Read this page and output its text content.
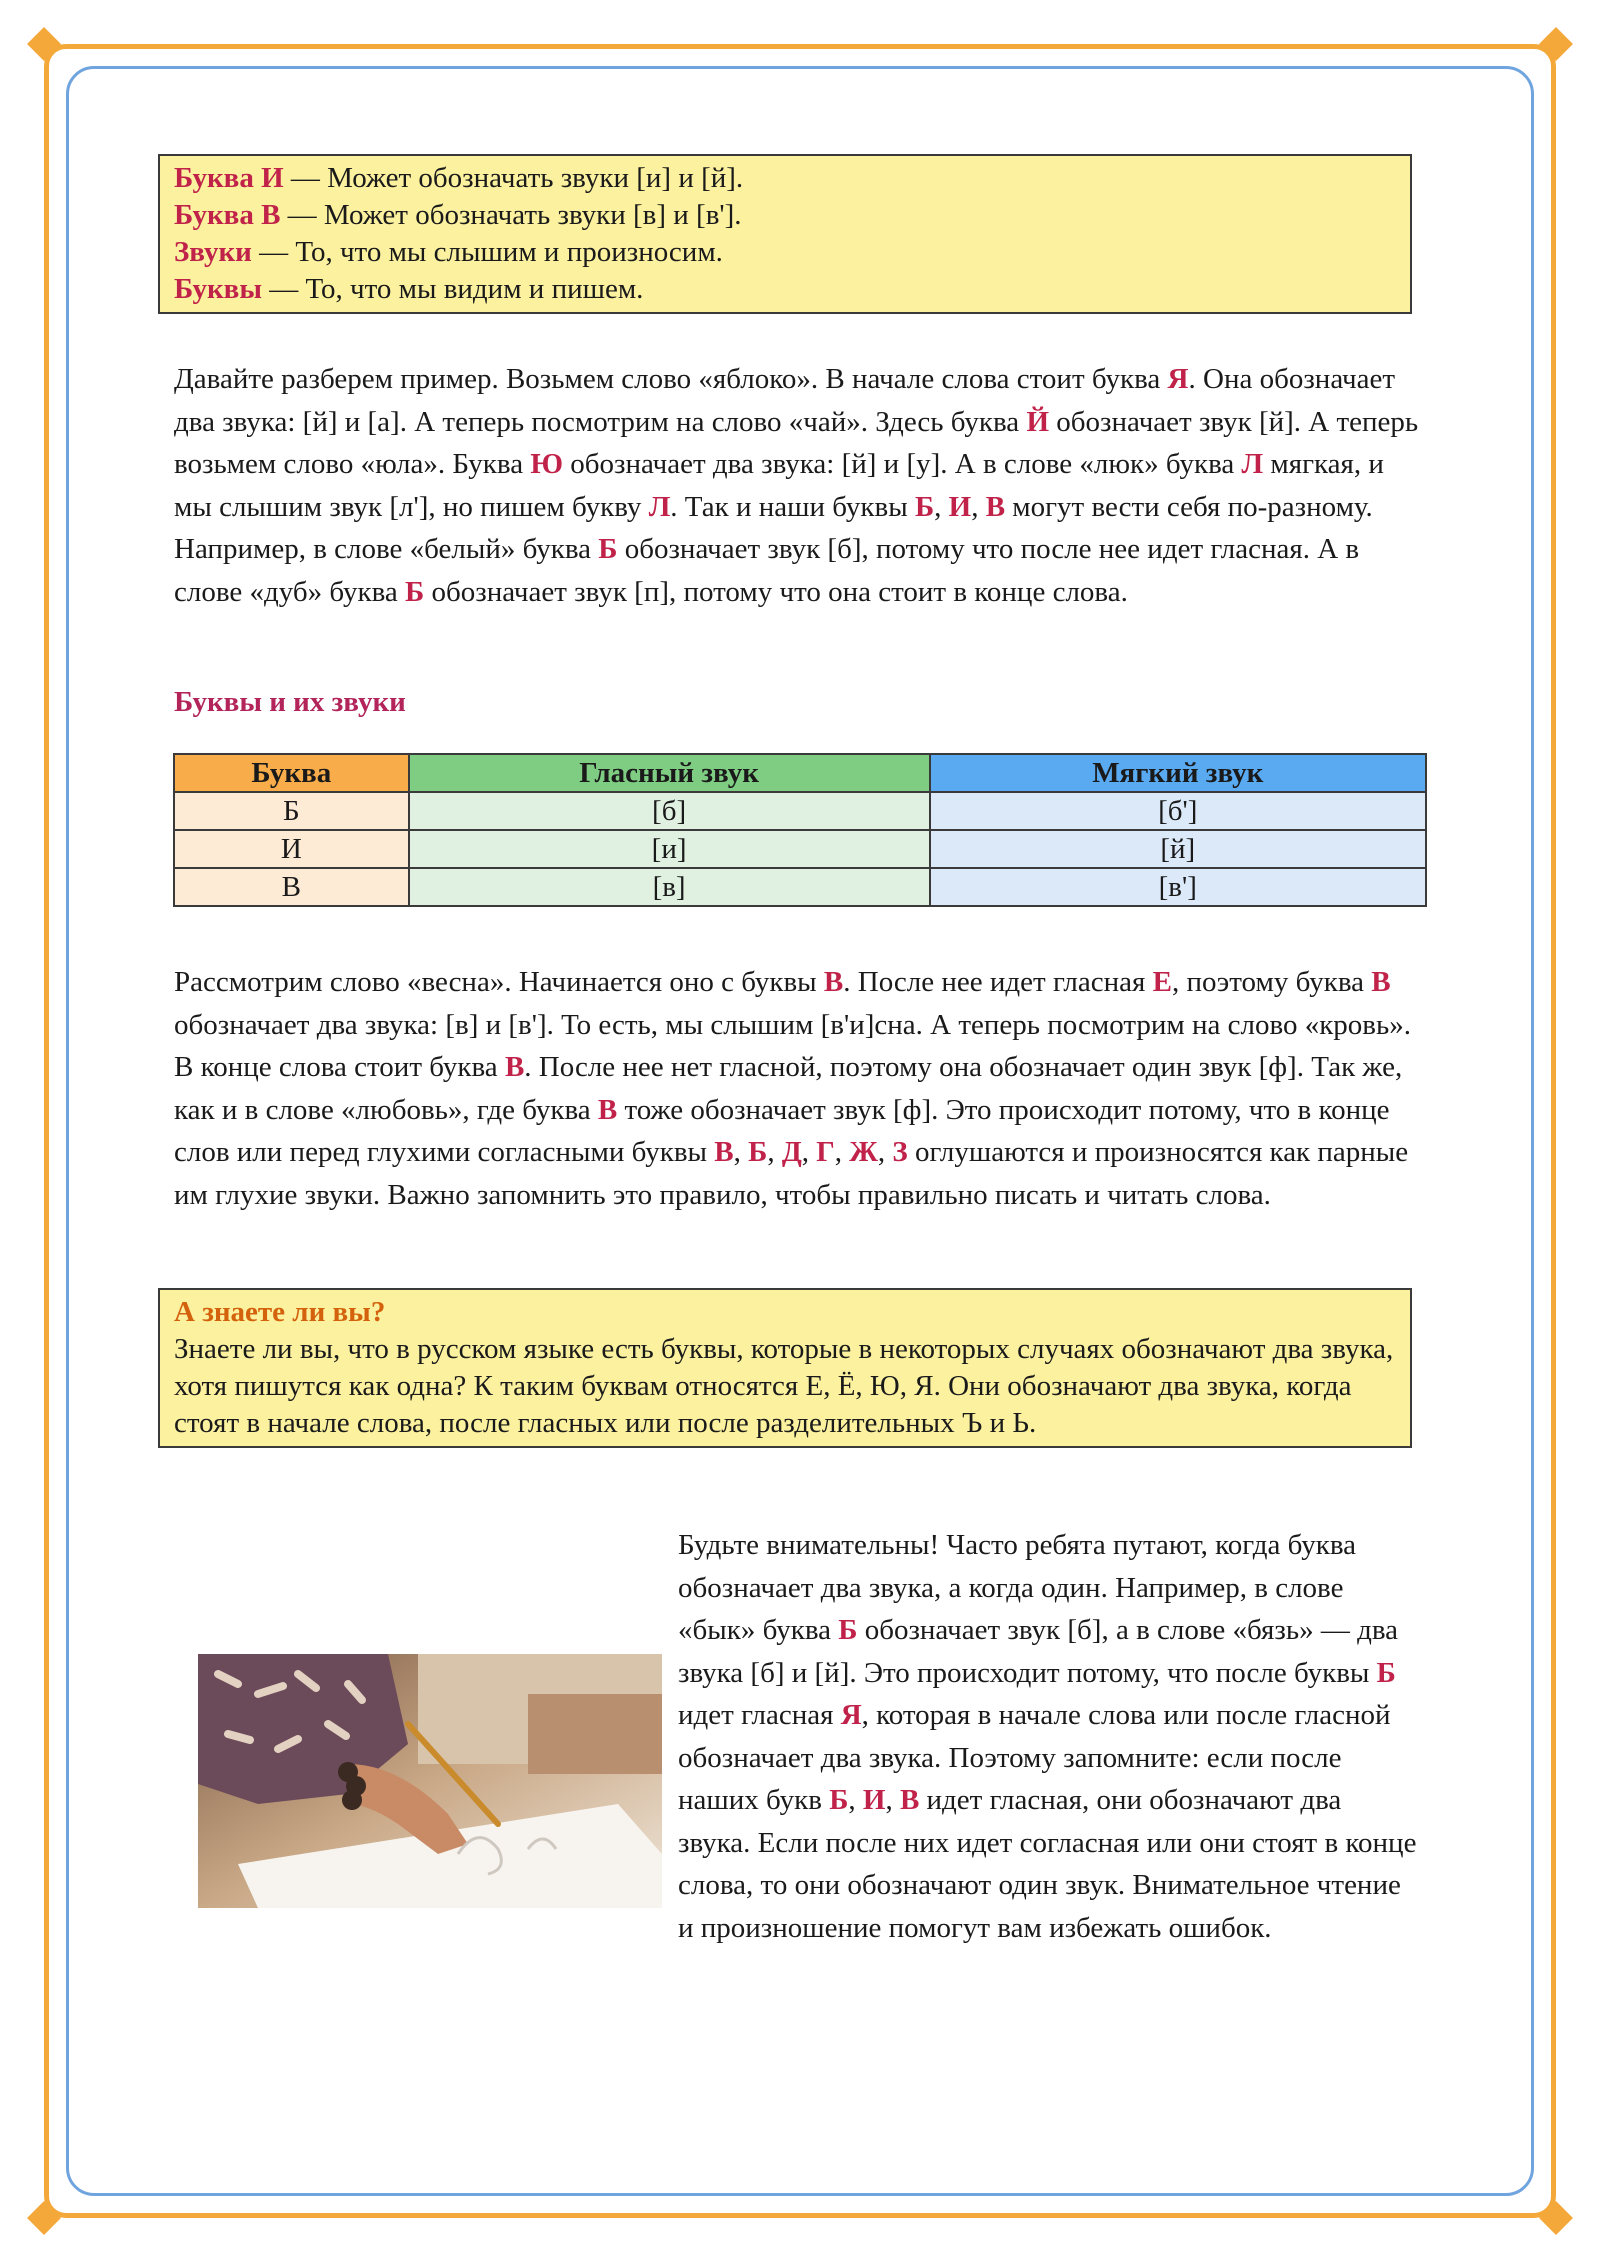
Буква И — Может обозначать звуки [и] и [й].
Буква В — Может обозначать звуки [в] и [в'].
Звуки — То, что мы слышим и произносим.
Буквы — То, что мы видим и пишем.

Давайте разберем пример. Возьмем слово «яблоко». В начале слова стоит буква Я. Она обозначает два звука: [й] и [а]. А теперь посмотрим на слово «чай». Здесь буква Й обозначает звук [й]. А теперь возьмем слово «юла». Буква Ю обозначает два звука: [й] и [у]. А в слове «люк» буква Л мягкая, и мы слышим звук [л'], но пишем букву Л. Так и наши буквы Б, И, В могут вести себя по-разному. Например, в слове «белый» буква Б обозначает звук [б], потому что после нее идет гласная. А в слове «дуб» буква Б обозначает звук [п], потому что она стоит в конце слова.

Буквы и их звуки
Буква	Гласный звук	Мягкий звук
Б	[б]	[б']
И	[и]	[й]
В	[в]	[в']

Рассмотрим слово «весна». Начинается оно с буквы В. После нее идет гласная Е, поэтому буква В обозначает два звука: [в] и [в']. То есть, мы слышим [в'и]сна. А теперь посмотрим на слово «кровь». В конце слова стоит буква В. После нее нет гласной, поэтому она обозначает один звук [ф]. Так же, как и в слове «любовь», где буква В тоже обозначает звук [ф]. Это происходит потому, что в конце слов или перед глухими согласными буквы В, Б, Д, Г, Ж, З оглушаются и произносятся как парные им глухие звуки. Важно запомнить это правило, чтобы правильно писать и читать слова.

А знаете ли вы?
Знаете ли вы, что в русском языке есть буквы, которые в некоторых случаях обозначают два звука, хотя пишутся как одна? К таким буквам относятся Е, Ё, Ю, Я. Они обозначают два звука, когда стоят в начале слова, после гласных или после разделительных Ъ и Ь.

Будьте внимательны! Часто ребята путают, когда буква обозначает два звука, а когда один. Например, в слове «бык» буква Б обозначает звук [б], а в слове «бязь» — два звука [б] и [й]. Это происходит потому, что после буквы Б идет гласная Я, которая в начале слова или после гласной обозначает два звука. Поэтому запомните: если после наших букв Б, И, В идет гласная, они обозначают два звука. Если после них идет согласная или они стоят в конце слова, то они обозначают один звук. Внимательное чтение и произношение помогут вам избежать ошибок.
